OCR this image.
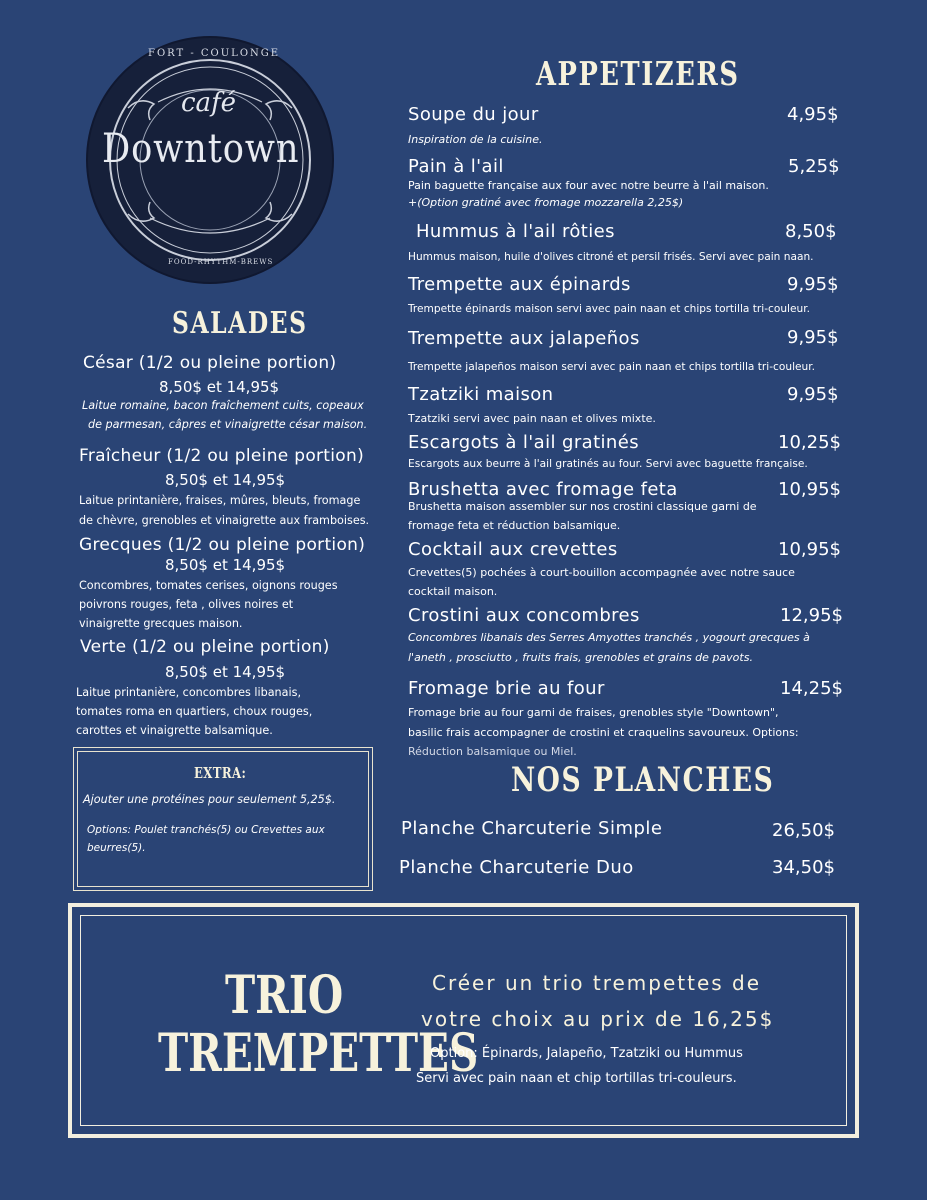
FORT - COULONGE
café
Downtown
FOOD-RHYTHM-BREWS
SALADES
César (1/2 ou pleine portion)
8,50$ et 14,95$
Laitue romaine, bacon fraîchement cuits, copeaux
de parmesan, câpres et vinaigrette césar maison.
Fraîcheur (1/2 ou pleine portion)
8,50$ et 14,95$
Laitue printanière, fraises, mûres, bleuts, fromage
de chèvre, grenobles et vinaigrette aux framboises.
Grecques (1/2 ou pleine portion)
8,50$ et 14,95$
Concombres, tomates cerises, oignons rouges
poivrons rouges, feta , olives noires et
vinaigrette grecques maison.
Verte (1/2 ou pleine portion)
8,50$ et 14,95$
Laitue printanière, concombres libanais,
tomates roma en quartiers, choux rouges,
carottes et vinaigrette balsamique.
EXTRA:
Ajouter une protéines pour seulement 5,25$.
Options: Poulet tranchés(5) ou Crevettes aux
beurres(5).
APPETIZERS
Soupe du jour	4,95$
Inspiration de la cuisine.
Pain à l'ail	5,25$
Pain baguette française aux four avec notre beurre à l'ail maison.
+(Option gratiné avec fromage mozzarella 2,25$)
Hummus à l'ail rôties	8,50$
Hummus maison, huile d'olives citroné et persil frisés. Servi avec pain naan.
Trempette aux épinards	9,95$
Trempette épinards maison servi avec pain naan et chips tortilla tri-couleur.
Trempette aux jalapeños	9,95$
Trempette jalapeños maison servi avec pain naan et chips tortilla tri-couleur.
Tzatziki maison	9,95$
Tzatziki servi avec pain naan et olives mixte.
Escargots à l'ail gratinés	10,25$
Escargots aux beurre à l'ail gratinés au four. Servi avec baguette française.
Brushetta avec fromage feta	10,95$
Brushetta maison assembler sur nos crostini classique garni de
fromage feta et réduction balsamique.
Cocktail aux crevettes	10,95$
Crevettes(5) pochées à court-bouillon accompagnée avec notre sauce
cocktail maison.
Crostini aux concombres	12,95$
Concombres libanais des Serres Amyottes tranchés , yogourt grecques à
l'aneth , prosciutto , fruits frais, grenobles et grains de pavots.
Fromage brie au four	14,25$
Fromage brie au four garni de fraises, grenobles style "Downtown",
basilic frais accompagner de crostini et craquelins savoureux. Options:
Réduction balsamique ou Miel.
NOS PLANCHES
Planche Charcuterie Simple	26,50$
Planche Charcuterie Duo	34,50$
TRIO
TREMPETTES
Créer un trio trempettes de
votre choix au prix de 16,25$
Option: Épinards, Jalapeño, Tzatziki ou Hummus
Servi avec pain naan et chip tortillas tri-couleurs.
